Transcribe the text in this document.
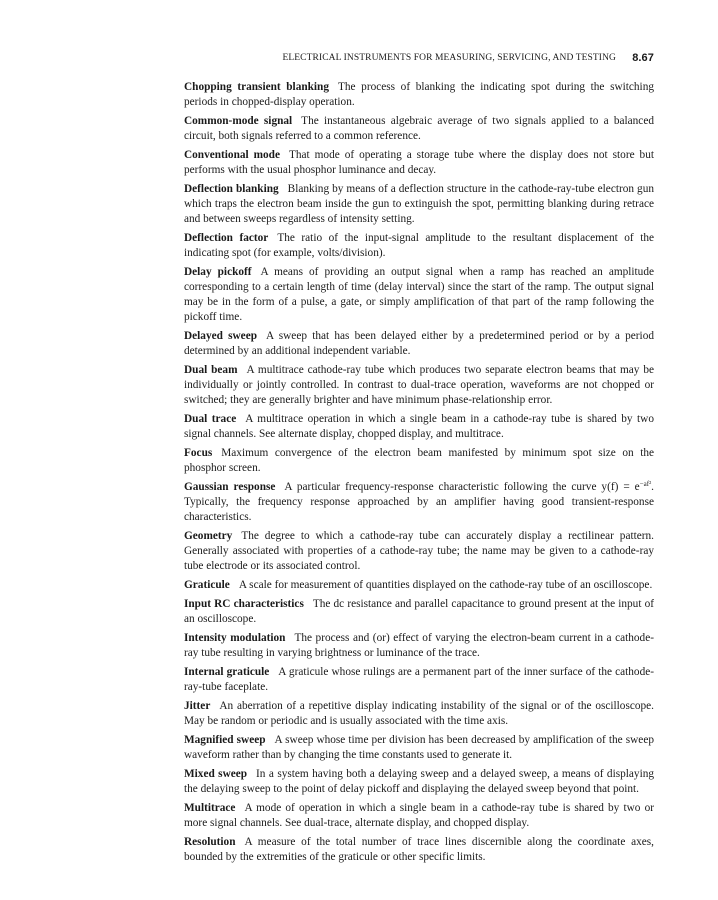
ELECTRICAL INSTRUMENTS FOR MEASURING, SERVICING, AND TESTING 8.67

Chopping transient blanking The process of blanking the indicating spot during the switching periods in chopped-display operation.

Common-mode signal The instantaneous algebraic average of two signals applied to a balanced circuit, both signals referred to a common reference.

Conventional mode That mode of operating a storage tube where the display does not store but performs with the usual phosphor luminance and decay.

Deflection blanking Blanking by means of a deflection structure in the cathode-ray-tube electron gun which traps the electron beam inside the gun to extinguish the spot, permitting blanking during retrace and between sweeps regardless of intensity setting.

Deflection factor The ratio of the input-signal amplitude to the resultant displacement of the indicating spot (for example, volts/division).

Delay pickoff A means of providing an output signal when a ramp has reached an amplitude corresponding to a certain length of time (delay interval) since the start of the ramp. The output signal may be in the form of a pulse, a gate, or simply amplification of that part of the ramp following the pickoff time.

Delayed sweep A sweep that has been delayed either by a predetermined period or by a period determined by an additional independent variable.

Dual beam A multitrace cathode-ray tube which produces two separate electron beams that may be individually or jointly controlled. In contrast to dual-trace operation, waveforms are not chopped or switched; they are generally brighter and have minimum phase-relationship error.

Dual trace A multitrace operation in which a single beam in a cathode-ray tube is shared by two signal channels. See alternate display, chopped display, and multitrace.

Focus Maximum convergence of the electron beam manifested by minimum spot size on the phosphor screen.

Gaussian response A particular frequency-response characteristic following the curve $y(f) = e^{-af^2}$. Typically, the frequency response approached by an amplifier having good transient-response characteristics.

Geometry The degree to which a cathode-ray tube can accurately display a rectilinear pattern. Generally associated with properties of a cathode-ray tube; the name may be given to a cathode-ray tube electrode or its associated control.

Graticule A scale for measurement of quantities displayed on the cathode-ray tube of an oscilloscope.

Input RC characteristics The dc resistance and parallel capacitance to ground present at the input of an oscilloscope.

Intensity modulation The process and (or) effect of varying the electron-beam current in a cathode-ray tube resulting in varying brightness or luminance of the trace.

Internal graticule A graticule whose rulings are a permanent part of the inner surface of the cathode-ray-tube faceplate.

Jitter An aberration of a repetitive display indicating instability of the signal or of the oscilloscope. May be random or periodic and is usually associated with the time axis.

Magnified sweep A sweep whose time per division has been decreased by amplification of the sweep waveform rather than by changing the time constants used to generate it.

Mixed sweep In a system having both a delaying sweep and a delayed sweep, a means of displaying the delaying sweep to the point of delay pickoff and displaying the delayed sweep beyond that point.

Multitrace A mode of operation in which a single beam in a cathode-ray tube is shared by two or more signal channels. See dual-trace, alternate display, and chopped display.

Resolution A measure of the total number of trace lines discernible along the coordinate axes, bounded by the extremities of the graticule or other specific limits.
